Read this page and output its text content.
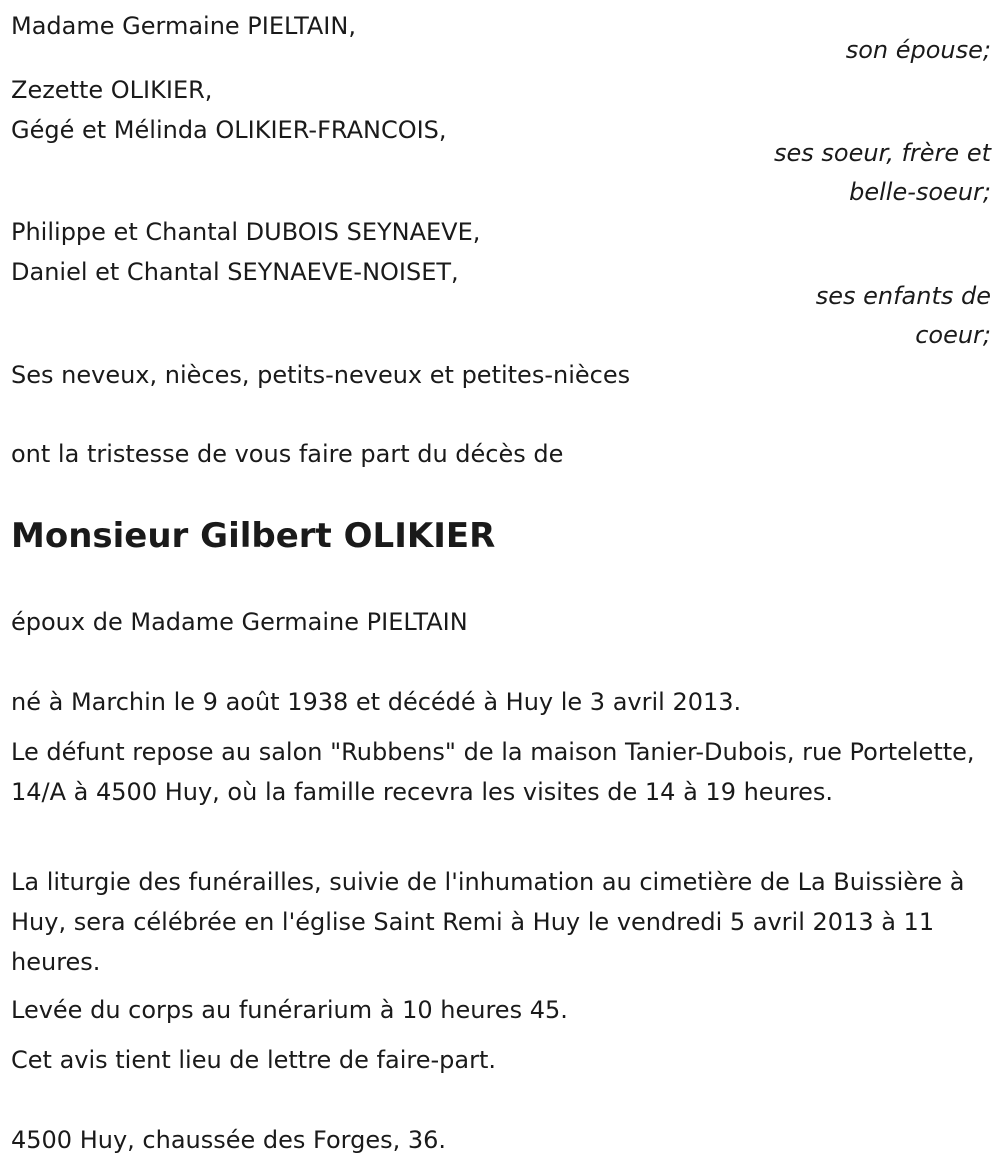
Madame Germaine PIELTAIN,
son épouse;
Zezette OLIKIER,
Gégé et Mélinda OLIKIER-FRANCOIS,
ses soeur, frère et
belle-soeur;
Philippe et Chantal DUBOIS SEYNAEVE,
Daniel et Chantal SEYNAEVE-NOISET,
ses enfants de
coeur;
Ses neveux, nièces, petits-neveux et petites-nièces
ont la tristesse de vous faire part du décès de
Monsieur Gilbert OLIKIER
époux de Madame Germaine PIELTAIN
né à Marchin le 9 août 1938 et décédé à Huy le 3 avril 2013.
Le défunt repose au salon "Rubbens" de la maison Tanier-Dubois, rue Portelette, 14/A à 4500 Huy, où la famille recevra les visites de 14 à 19 heures.
La liturgie des funérailles, suivie de l'inhumation au cimetière de La Buissière à Huy, sera célébrée en l'église Saint Remi à Huy le vendredi 5 avril 2013 à 11 heures.
Levée du corps au funérarium à 10 heures 45.
Cet avis tient lieu de lettre de faire-part.
4500 Huy, chaussée des Forges, 36.
